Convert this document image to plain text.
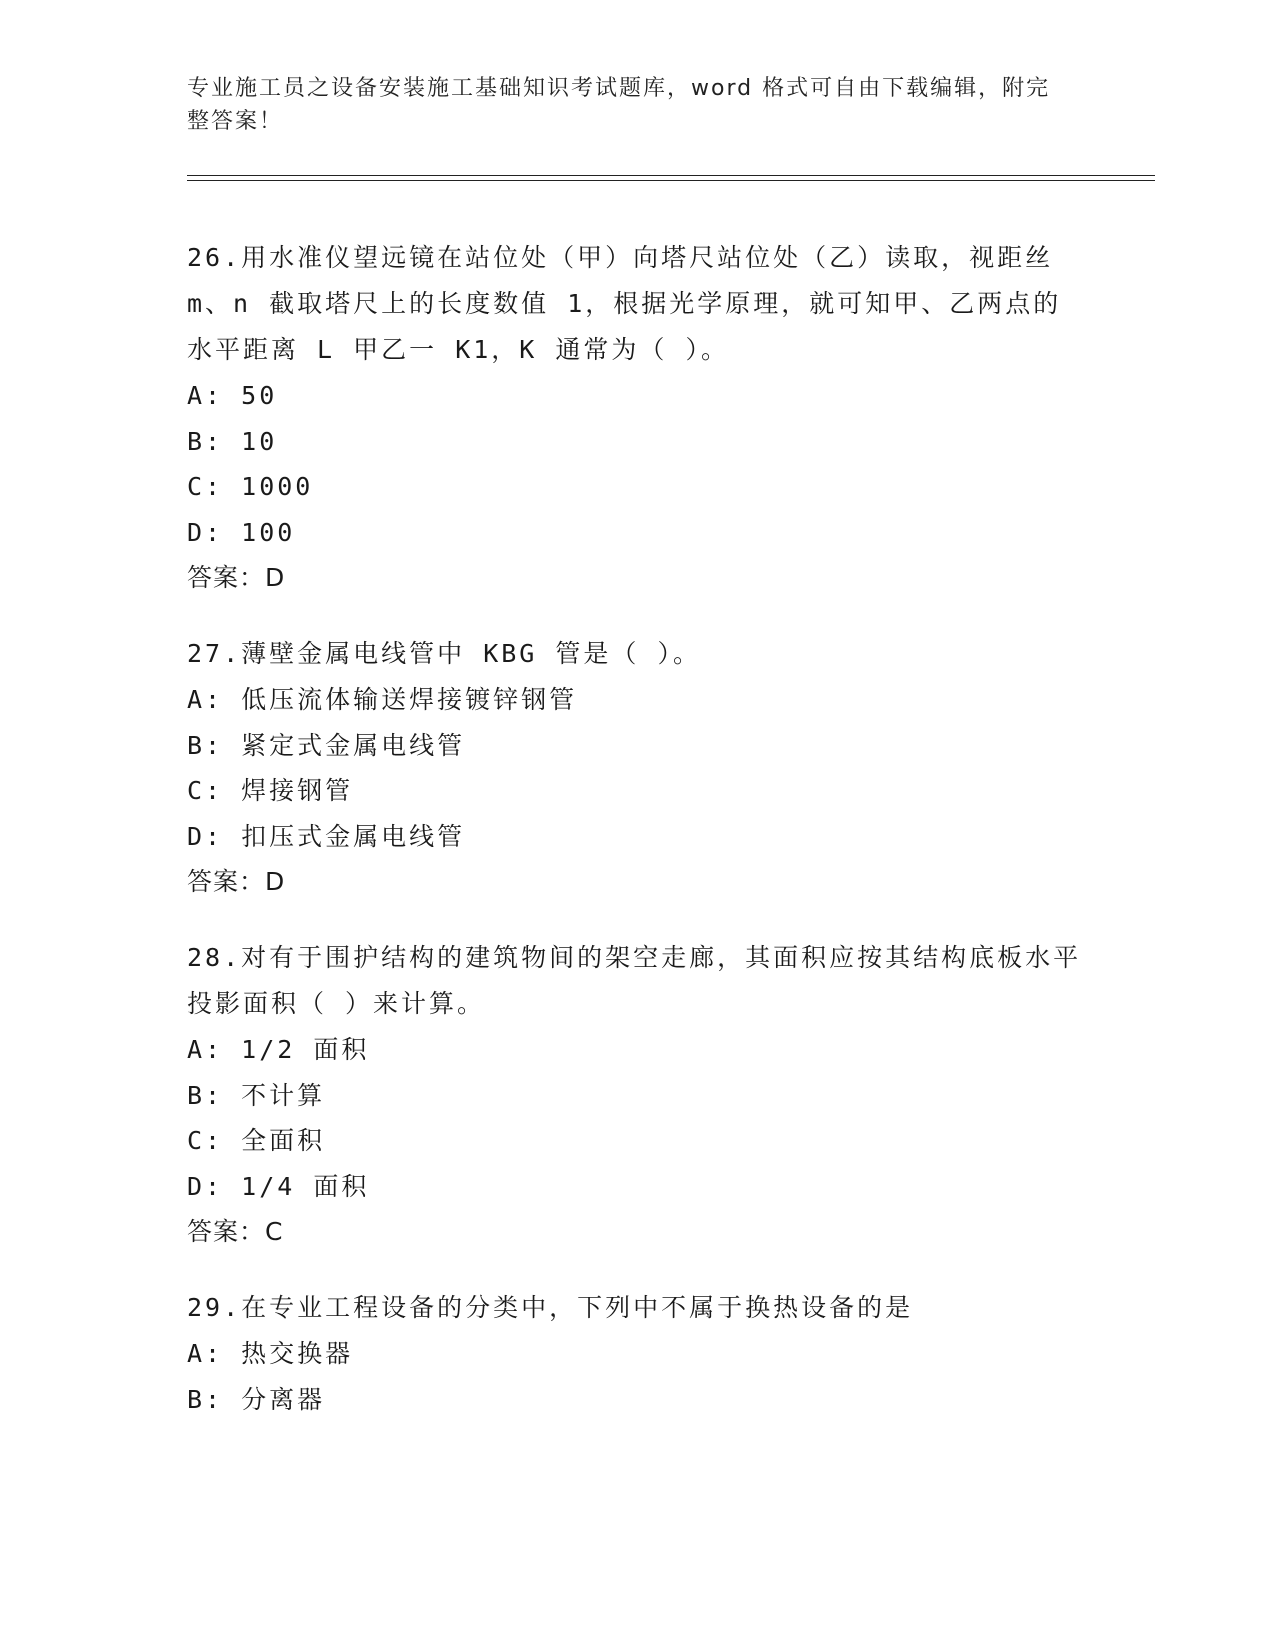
专业施工员之设备安装施工基础知识考试题库，word 格式可自由下载编辑，附完整答案！

26.用水准仪望远镜在站位处（甲）向塔尺站位处（乙）读取，视距丝m、n 截取塔尺上的长度数值 1，根据光学原理，就可知甲、乙两点的水平距离 L 甲乙一 K1，K 通常为（ ）。

A: 50

B: 10

C: 1000

D: 100

答案：D

27.薄壁金属电线管中 KBG 管是（ ）。

A: 低压流体输送焊接镀锌钢管

B: 紧定式金属电线管

C: 焊接钢管

D: 扣压式金属电线管

答案：D

28.对有于围护结构的建筑物间的架空走廊，其面积应按其结构底板水平投影面积（ ）来计算。

A: 1/2 面积

B: 不计算

C: 全面积

D: 1/4 面积

答案：C

29.在专业工程设备的分类中，下列中不属于换热设备的是

A: 热交换器

B: 分离器
